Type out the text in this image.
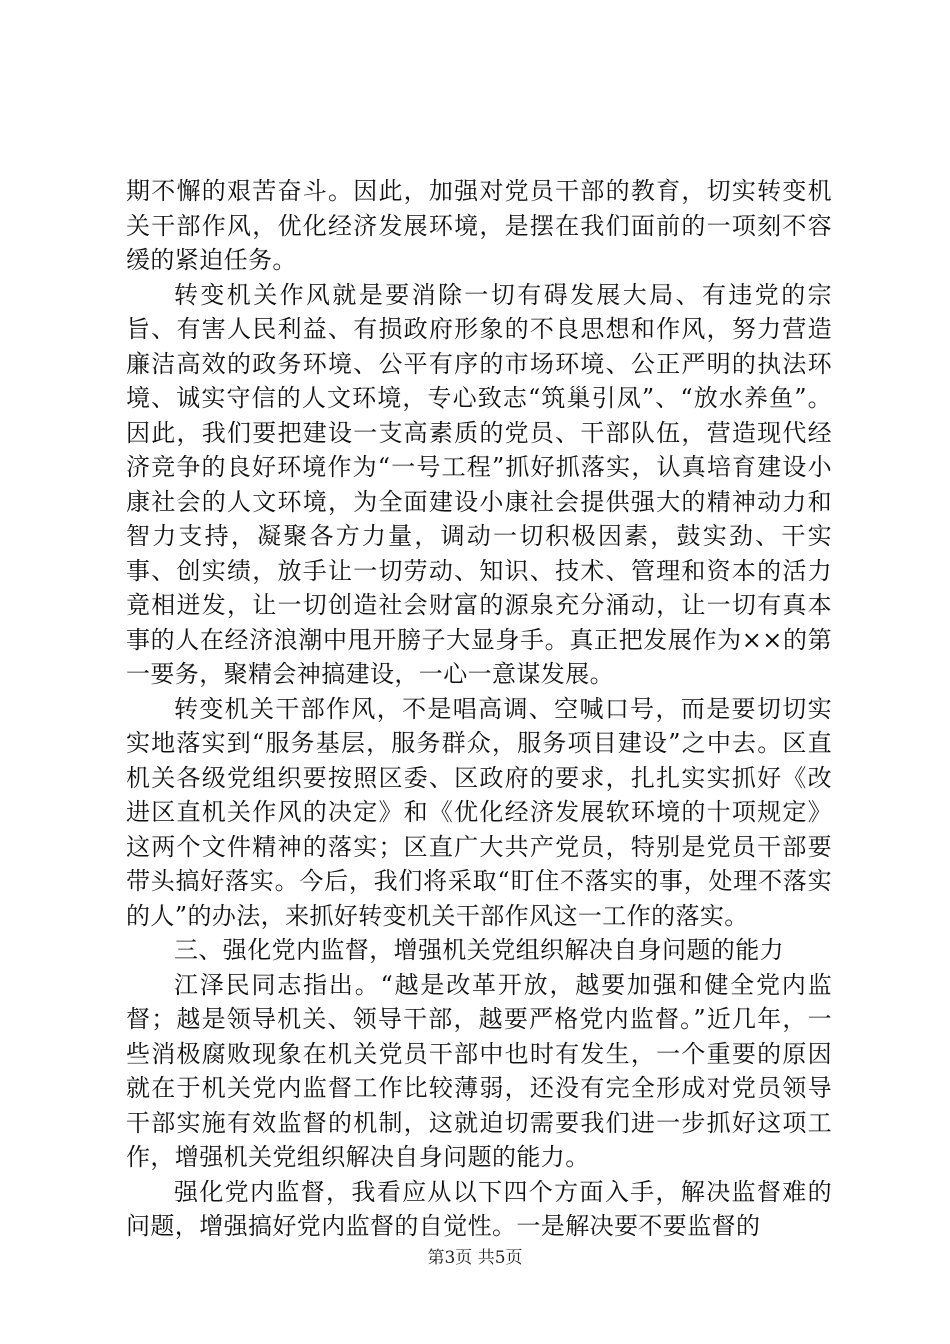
期不懈的艰苦奋斗。因此，加强对党员干部的教育，切实转变机关干部作风，优化经济发展环境，是摆在我们面前的一项刻不容缓的紧迫任务。

转变机关作风就是要消除一切有碍发展大局、有违党的宗旨、有害人民利益、有损政府形象的不良思想和作风，努力营造廉洁高效的政务环境、公平有序的市场环境、公正严明的执法环境、诚实守信的人文环境，专心致志“筑巢引凤”、“放水养鱼”。因此，我们要把建设一支高素质的党员、干部队伍，营造现代经济竞争的良好环境作为“一号工程”抓好抓落实，认真培育建设小康社会的人文环境，为全面建设小康社会提供强大的精神动力和智力支持，凝聚各方力量，调动一切积极因素，鼓实劲、干实事、创实绩，放手让一切劳动、知识、技术、管理和资本的活力竟相迸发，让一切创造社会财富的源泉充分涌动，让一切有真本事的人在经济浪潮中甩开膀子大显身手。真正把发展作为××的第一要务，聚精会神搞建设，一心一意谋发展。

转变机关干部作风，不是唱高调、空喊口号，而是要切切实实地落实到“服务基层，服务群众，服务项目建设”之中去。区直机关各级党组织要按照区委、区政府的要求，扎扎实实抓好《改进区直机关作风的决定》和《优化经济发展软环境的十项规定》这两个文件精神的落实；区直广大共产党员，特别是党员干部要带头搞好落实。今后，我们将采取“盯住不落实的事，处理不落实的人”的办法，来抓好转变机关干部作风这一工作的落实。

三、强化党内监督，增强机关党组织解决自身问题的能力

江泽民同志指出。“越是改革开放，越要加强和健全党内监督；越是领导机关、领导干部，越要严格党内监督。”近几年，一些消极腐败现象在机关党员干部中也时有发生，一个重要的原因就在于机关党内监督工作比较薄弱，还没有完全形成对党员领导干部实施有效监督的机制，这就迫切需要我们进一步抓好这项工作，增强机关党组织解决自身问题的能力。

强化党内监督，我看应从以下四个方面入手，解决监督难的问题，增强搞好党内监督的自觉性。一是解决要不要监督的

第3页 共5页
